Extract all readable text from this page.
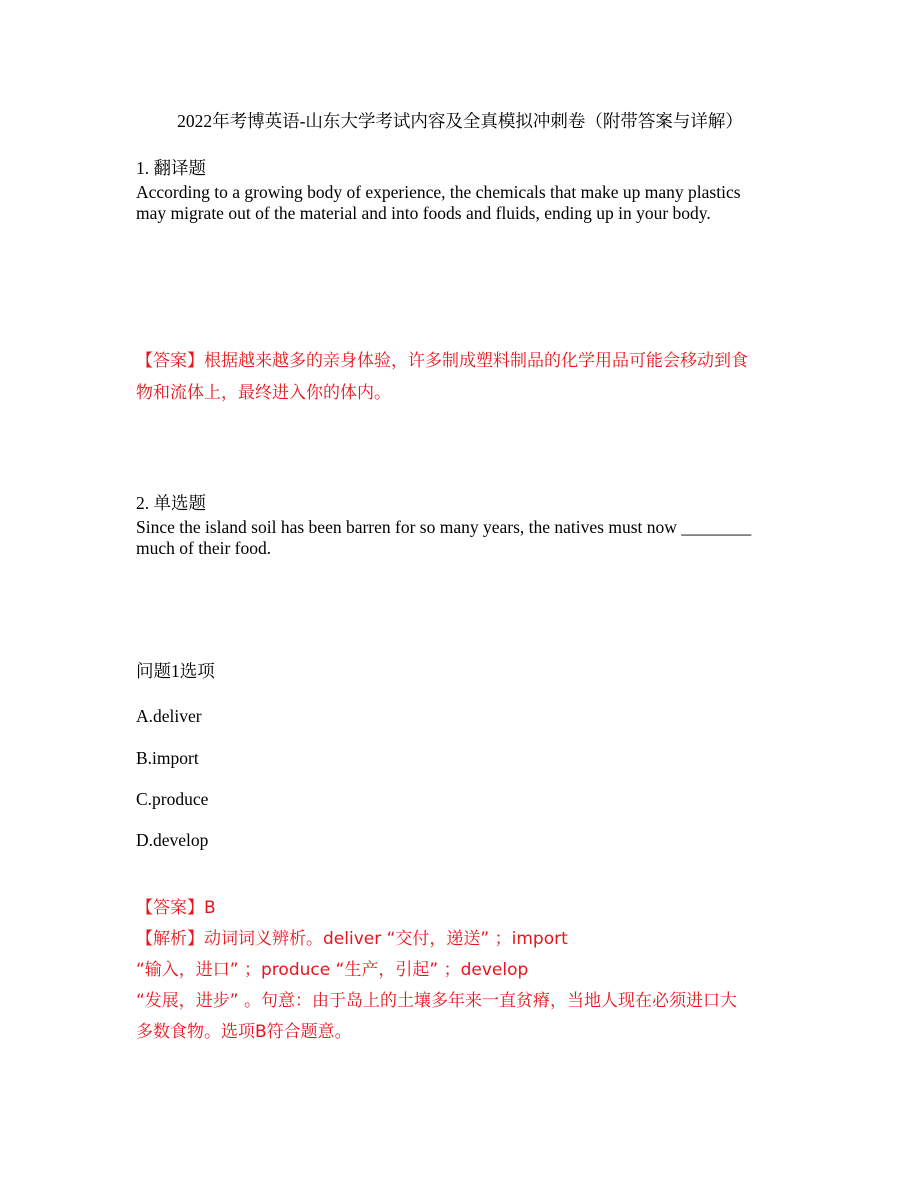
2022年考博英语-山东大学考试内容及全真模拟冲刺卷（附带答案与详解）
1. 翻译题
According to a growing body of experience, the chemicals that make up many plastics
may migrate out of the material and into foods and fluids, ending up in your body.
【答案】根据越来越多的亲身体验，许多制成塑料制品的化学用品可能会移动到食
物和流体上，最终进入你的体内。
2. 单选题
Since the island soil has been barren for so many years, the natives must now ________
much of their food.
问题1选项
A.deliver
B.import
C.produce
D.develop
【答案】B
【解析】动词词义辨析。deliver “交付，递送” ；import
“输入，进口” ；produce “生产，引起” ；develop
“发展，进步” 。句意：由于岛上的土壤多年来一直贫瘠，当地人现在必须进口大
多数食物。选项B符合题意。
